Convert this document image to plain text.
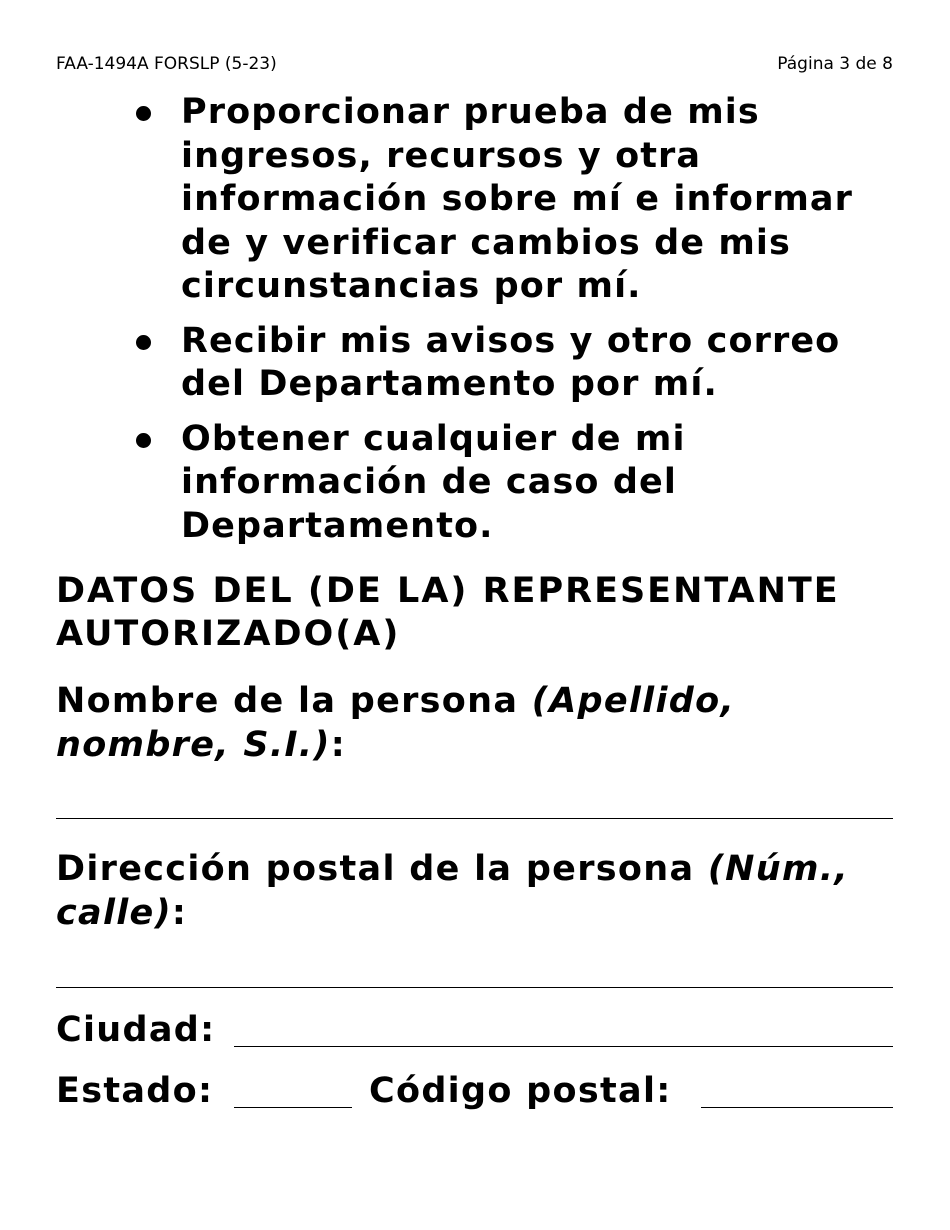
FAA-1494A FORSLP (5-23)	Página 3 de 8
Proporcionar prueba de mis ingresos, recursos y otra información sobre mí e informar de y verificar cambios de mis circunstancias por mí.
Recibir mis avisos y otro correo del Departamento por mí.
Obtener cualquier de mi información de caso del Departamento.
DATOS DEL (DE LA) REPRESENTANTE AUTORIZADO(A)
Nombre de la persona (Apellido, nombre, S.I.):
Dirección postal de la persona (Núm., calle):
Ciudad:
Estado:	Código postal:
